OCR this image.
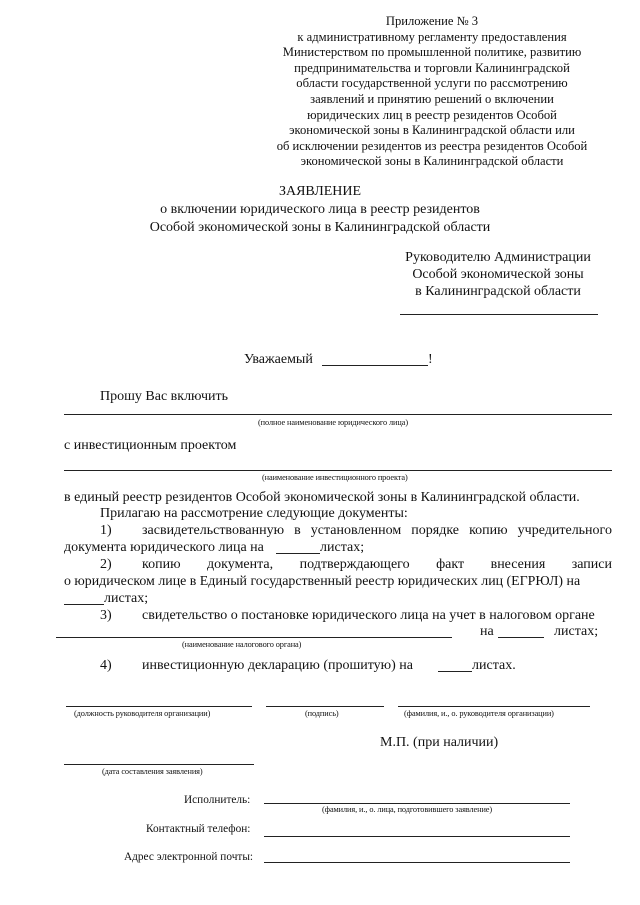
Приложение № 3
к административному регламенту предоставления
Министерством по промышленной политике, развитию
предпринимательства и торговли Калининградской
области государственной услуги по рассмотрению
заявлений и принятию решений о включении
юридических лиц в реестр резидентов Особой
экономической зоны в Калининградской области или
об исключении резидентов из реестра резидентов Особой
экономической зоны в Калининградской области
ЗАЯВЛЕНИЕ
о включении юридического лица в реестр резидентов
Особой экономической зоны в Калининградской области
Руководителю Администрации
Особой экономической зоны
в Калининградской области
Уважаемый	!
Прошу Вас включить
(полное наименование юридического лица)
с инвестиционным проектом
(наименование инвестиционного проекта)
в единый реестр резидентов Особой экономической зоны в Калининградской области.
Прилагаю на рассмотрение следующие документы:
1) засвидетельствованную в установленном порядке копию учредительного
документа юридического лица на	листах;
2) копию документа, подтверждающего факт внесения записи
о юридическом лице в Единый государственный реестр юридических лиц (ЕГРЮЛ) на
листах;
3) свидетельство о постановке юридического лица на учет в налоговом органе
на	листах;
(наименование налогового органа)
4) инвестиционную декларацию (прошитую) на	листах.
(должность руководителя организации)	(подпись)	(фамилия, и., о. руководителя организации)
М.П. (при наличии)
(дата составления заявления)
Исполнитель:
(фамилия, и., о. лица, подготовившего заявление)
Контактный телефон:
Адрес электронной почты:
